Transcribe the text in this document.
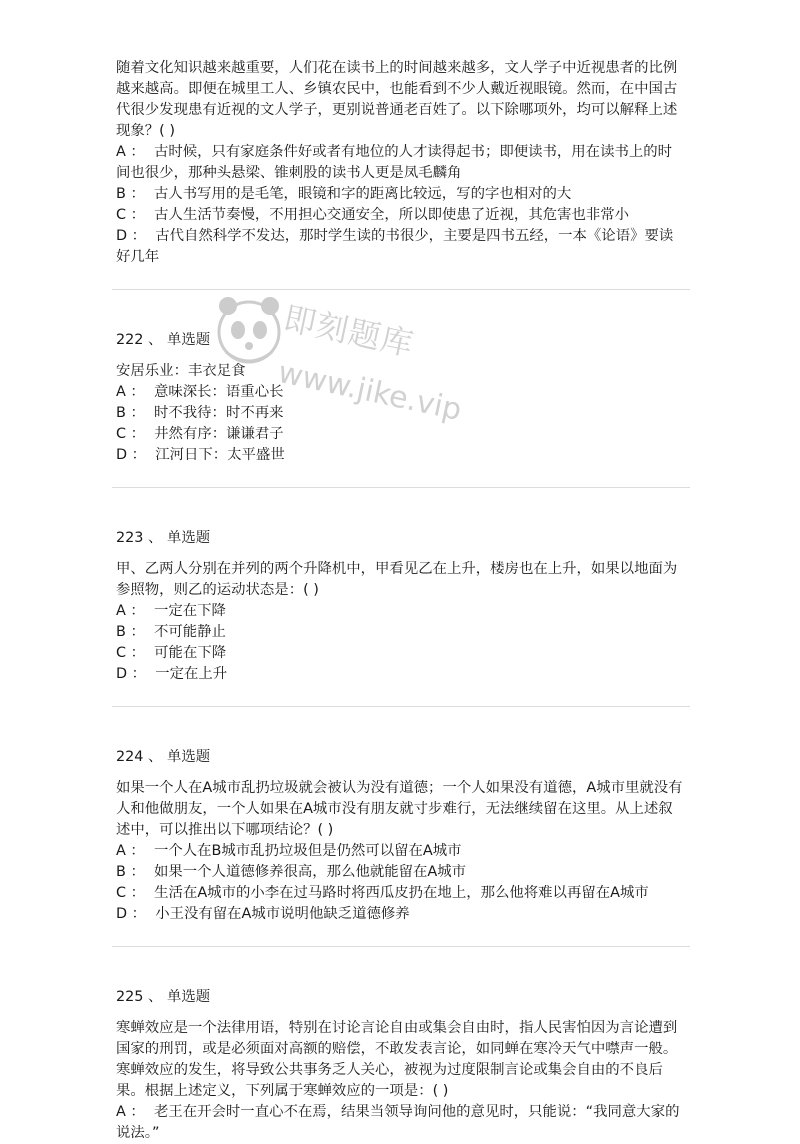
随着文化知识越来越重要，人们花在读书上的时间越来越多，文人学子中近视患者的比例越来越高。即便在城里工人、乡镇农民中，也能看到不少人戴近视眼镜。然而，在中国古代很少发现患有近视的文人学子，更别说普通老百姓了。以下除哪项外，均可以解释上述现象？( )

A ：  古时候，只有家庭条件好或者有地位的人才读得起书；即便读书，用在读书上的时间也很少，那种头悬梁、锥刺股的读书人更是凤毛麟角

B ：  古人书写用的是毛笔，眼镜和字的距离比较远，写的字也相对的大

C ：  古人生活节奏慢，不用担心交通安全，所以即使患了近视，其危害也非常小

D ：  古代自然科学不发达，那时学生读的书很少，主要是四书五经，一本《论语》要读好几年

222 、 单选题

安居乐业：丰衣足食

A ：  意味深长：语重心长

B ：  时不我待：时不再来

C ：  井然有序：谦谦君子

D ：  江河日下：太平盛世

223 、 单选题

甲、乙两人分别在并列的两个升降机中，甲看见乙在上升，楼房也在上升，如果以地面为参照物，则乙的运动状态是：( )

A ：  一定在下降

B ：  不可能静止

C ：  可能在下降

D ：  一定在上升

224 、 单选题

如果一个人在A城市乱扔垃圾就会被认为没有道德；一个人如果没有道德，A城市里就没有人和他做朋友，一个人如果在A城市没有朋友就寸步难行，无法继续留在这里。从上述叙述中，可以推出以下哪项结论？( )

A ：  一个人在B城市乱扔垃圾但是仍然可以留在A城市

B ：  如果一个人道德修养很高，那么他就能留在A城市

C ：  生活在A城市的小李在过马路时将西瓜皮扔在地上，那么他将难以再留在A城市

D ：  小王没有留在A城市说明他缺乏道德修养

225 、 单选题

寒蝉效应是一个法律用语，特别在讨论言论自由或集会自由时，指人民害怕因为言论遭到国家的刑罚，或是必须面对高额的赔偿，不敢发表言论，如同蝉在寒冷天气中噤声一般。寒蝉效应的发生，将导致公共事务乏人关心，被视为过度限制言论或集会自由的不良后果。根据上述定义，下列属于寒蝉效应的一项是：( )

A ：  老王在开会时一直心不在焉，结果当领导询问他的意见时，只能说：“我同意大家的说法。”

即刻题库
www.jike.vip
